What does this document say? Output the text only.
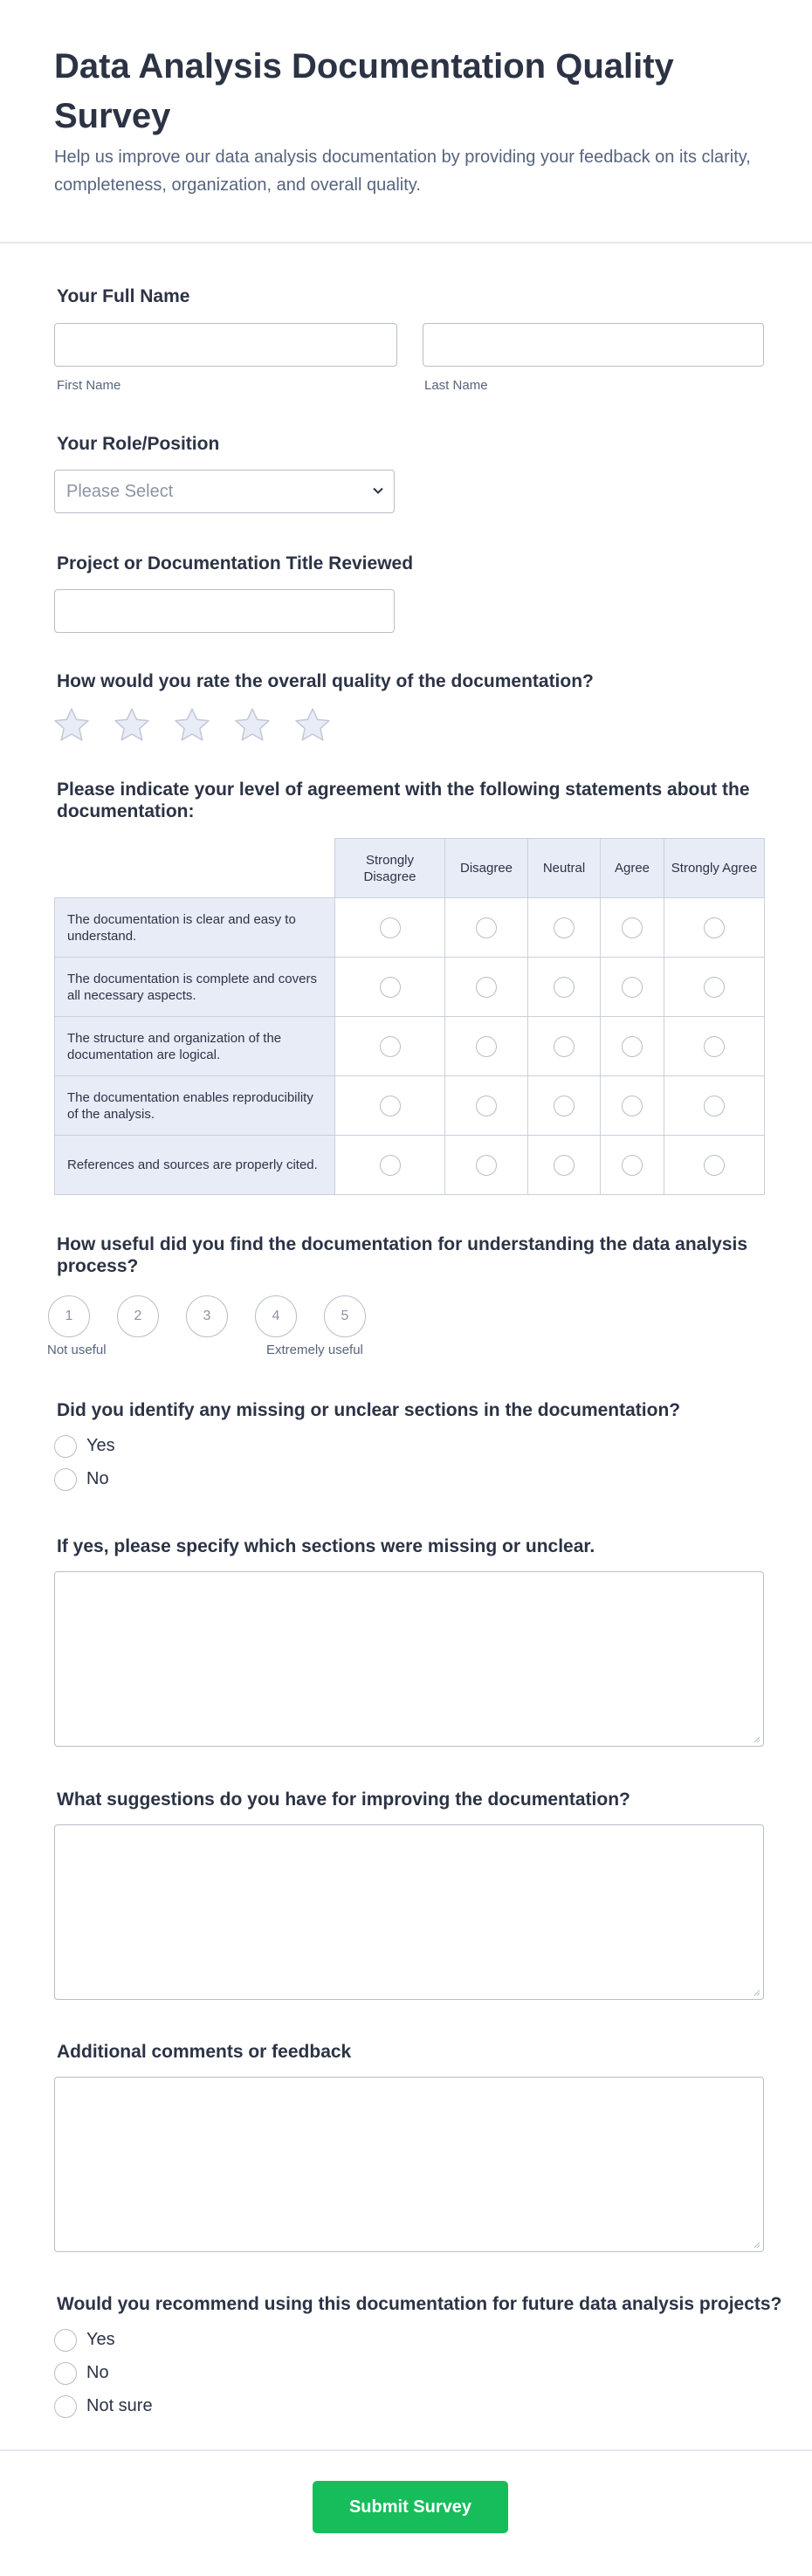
Data Analysis Documentation Quality Survey
Help us improve our data analysis documentation by providing your feedback on its clarity, completeness, organization, and overall quality.
Your Full Name
First Name	Last Name
Your Role/Position
Please Select
Project or Documentation Title Reviewed
How would you rate the overall quality of the documentation?
Please indicate your level of agreement with the following statements about the documentation:
	Strongly Disagree	Disagree	Neutral	Agree	Strongly Agree
The documentation is clear and easy to understand.					
The documentation is complete and covers all necessary aspects.					
The structure and organization of the documentation are logical.					
The documentation enables reproducibility of the analysis.					
References and sources are properly cited.					
How useful did you find the documentation for understanding the data analysis process?
1	2	3	4	5
Not useful	Extremely useful
Did you identify any missing or unclear sections in the documentation?
Yes
No
If yes, please specify which sections were missing or unclear.
What suggestions do you have for improving the documentation?
Additional comments or feedback
Would you recommend using this documentation for future data analysis projects?
Yes
No
Not sure
Submit Survey
